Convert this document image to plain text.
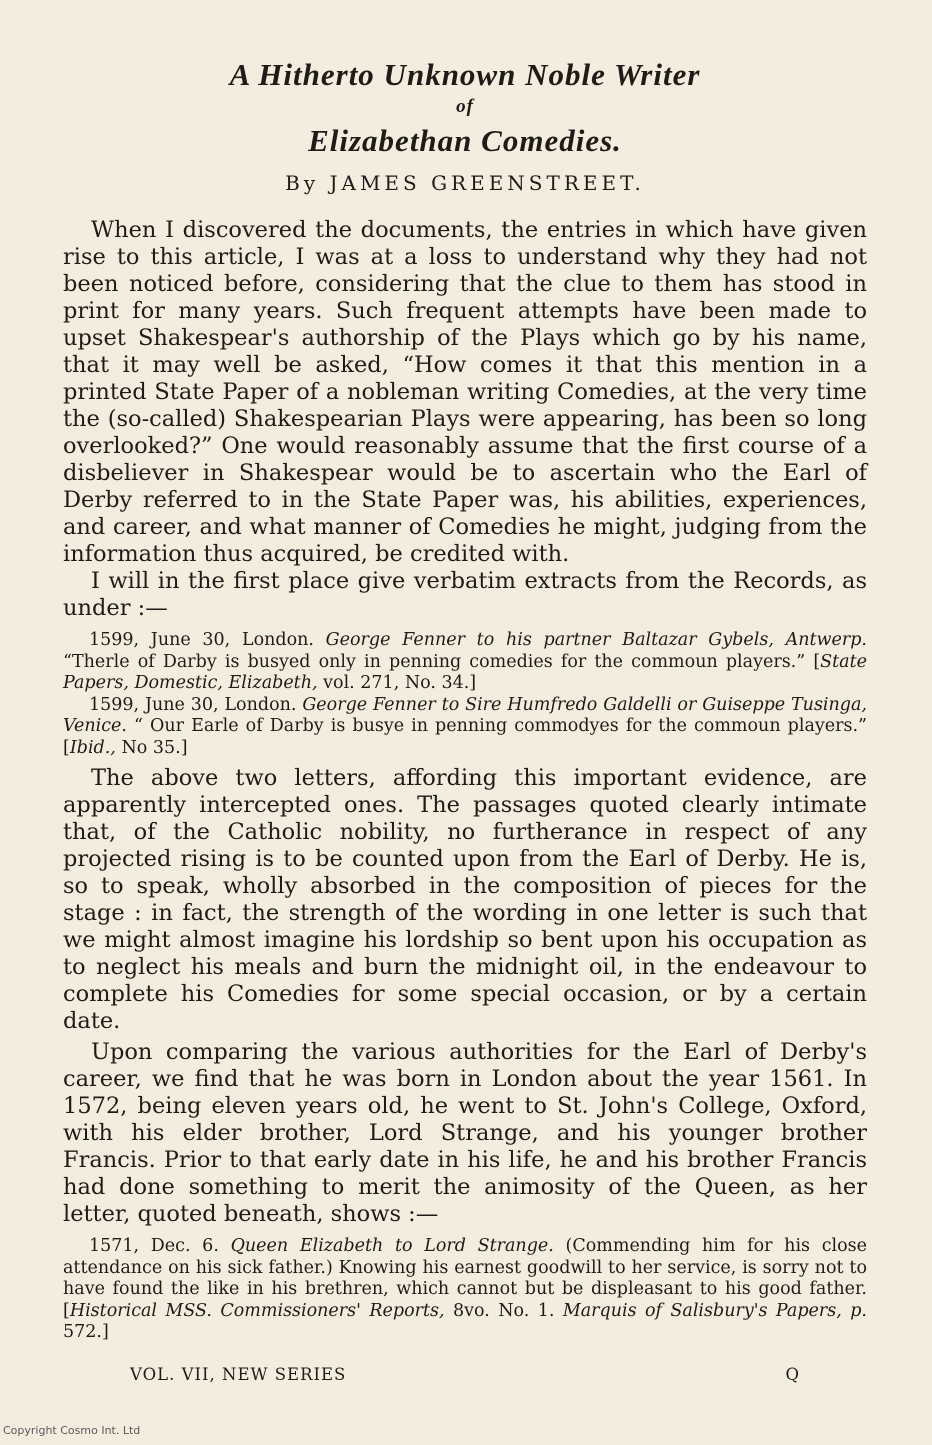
A Hitherto Unknown Noble Writer
of
Elizabethan Comedies.
By JAMES GREENSTREET.

When I discovered the documents, the entries in which have given rise to this article, I was at a loss to understand why they had not been noticed before, considering that the clue to them has stood in print for many years. Such frequent attempts have been made to upset Shakespear's authorship of the Plays which go by his name, that it may well be asked, “How comes it that this mention in a printed State Paper of a nobleman writing Comedies, at the very time the (so-called) Shakespearian Plays were appearing, has been so long overlooked?” One would reasonably assume that the first course of a disbeliever in Shakespear would be to ascertain who the Earl of Derby referred to in the State Paper was, his abilities, experiences, and career, and what manner of Comedies he might, judging from the information thus acquired, be credited with.

I will in the first place give verbatim extracts from the Records, as under :—

1599, June 30, London. George Fenner to his partner Baltazar Gybels, Antwerp. “Therle of Darby is busyed only in penning comedies for the commoun players.” [State Papers, Domestic, Elizabeth, vol. 271, No. 34.]

1599, June 30, London. George Fenner to Sire Humfredo Galdelli or Guiseppe Tusinga, Venice. “ Our Earle of Darby is busye in penning commodyes for the commoun players.” [Ibid., No 35.]

The above two letters, affording this important evidence, are apparently intercepted ones. The passages quoted clearly intimate that, of the Catholic nobility, no furtherance in respect of any projected rising is to be counted upon from the Earl of Derby. He is, so to speak, wholly absorbed in the composition of pieces for the stage : in fact, the strength of the wording in one letter is such that we might almost imagine his lordship so bent upon his occupation as to neglect his meals and burn the midnight oil, in the endeavour to complete his Comedies for some special occasion, or by a certain date.

Upon comparing the various authorities for the Earl of Derby's career, we find that he was born in London about the year 1561. In 1572, being eleven years old, he went to St. John's College, Oxford, with his elder brother, Lord Strange, and his younger brother Francis. Prior to that early date in his life, he and his brother Francis had done something to merit the animosity of the Queen, as her letter, quoted beneath, shows :—

1571, Dec. 6. Queen Elizabeth to Lord Strange. (Commending him for his close attendance on his sick father.) Knowing his earnest goodwill to her service, is sorry not to have found the like in his brethren, which cannot but be displeasant to his good father. [Historical MSS. Commissioners' Reports, 8vo. No. 1. Marquis of Salisbury's Papers, p. 572.]

VOL. VII, NEW SERIES	Q
Copyright Cosmo Int. Ltd
